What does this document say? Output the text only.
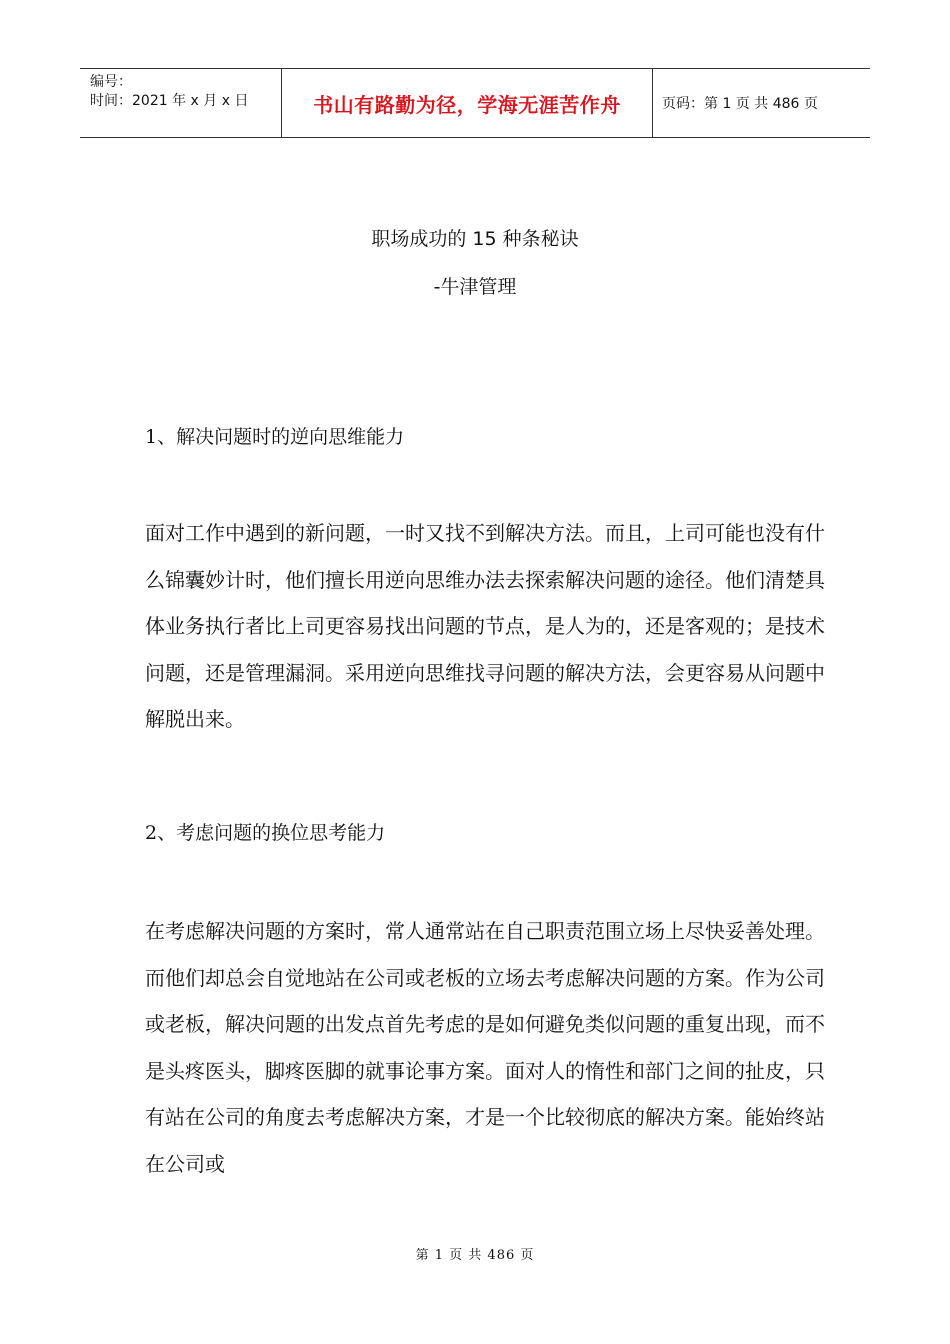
编号：
时间：2021 年 x 月 x 日	书山有路勤为径，学海无涯苦作舟	页码：第 1 页 共 486 页
职场成功的 15 种条秘诀
-牛津管理
1、解决问题时的逆向思维能力

面对工作中遇到的新问题，一时又找不到解决方法。而且，上司可能也没有什么锦囊妙计时，他们擅长用逆向思维办法去探索解决问题的途径。他们清楚具体业务执行者比上司更容易找出问题的节点，是人为的，还是客观的；是技术问题，还是管理漏洞。采用逆向思维找寻问题的解决方法，会更容易从问题中解脱出来。

2、考虑问题的换位思考能力

在考虑解决问题的方案时，常人通常站在自己职责范围立场上尽快妥善处理。而他们却总会自觉地站在公司或老板的立场去考虑解决问题的方案。作为公司或老板，解决问题的出发点首先考虑的是如何避免类似问题的重复出现，而不是头疼医头，脚疼医脚的就事论事方案。面对人的惰性和部门之间的扯皮，只有站在公司的角度去考虑解决方案，才是一个比较彻底的解决方案。能始终站在公司或

第 1 页 共 486 页
